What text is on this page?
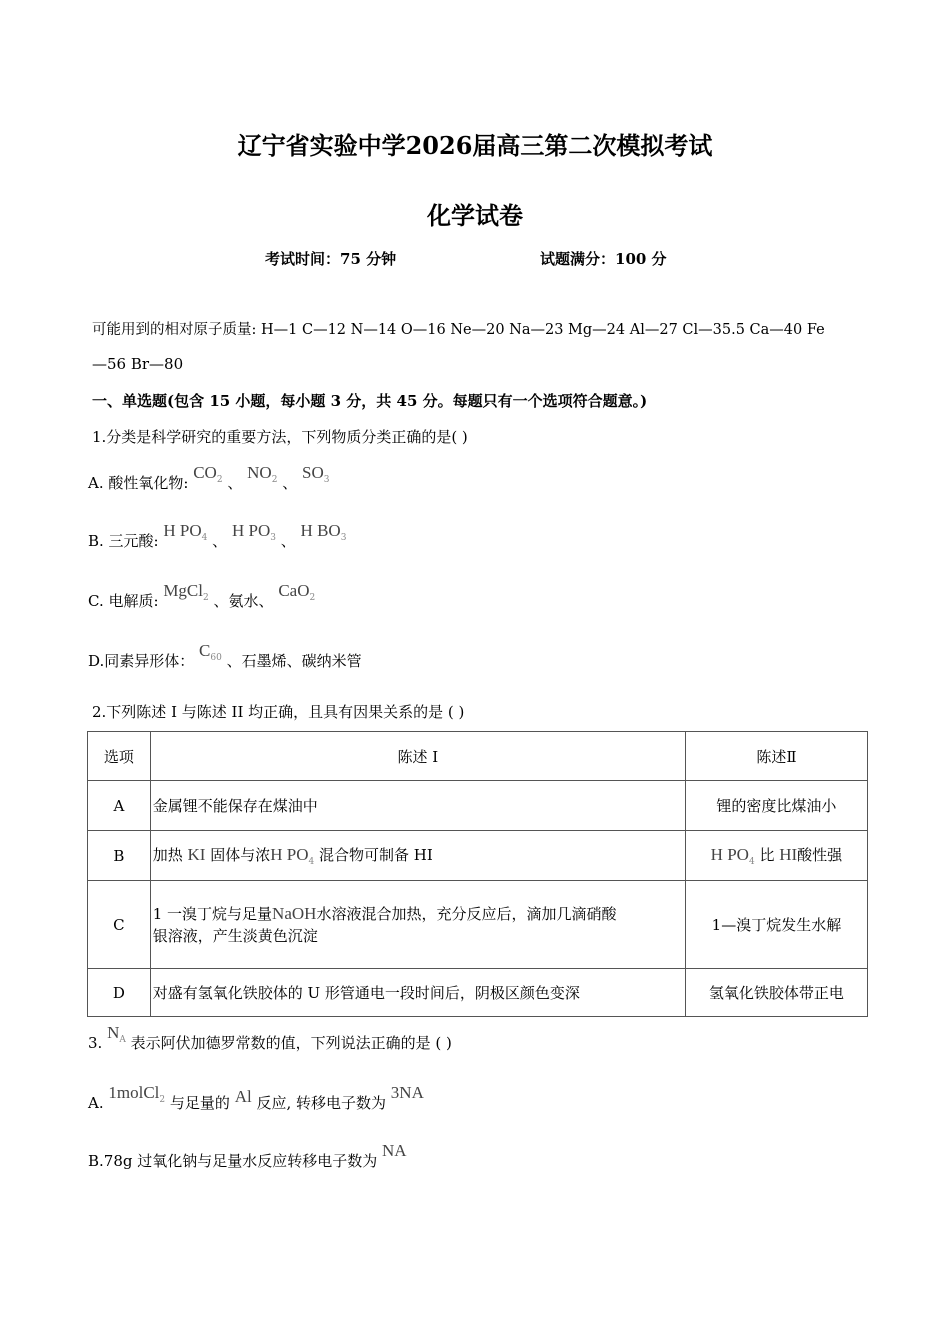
辽宁省实验中学2026届高三第二次模拟考试
化学试卷
考试时间：75 分钟	试题满分：100 分
可能用到的相对原子质量: H—1 C—12 N—14 O—16 Ne—20 Na—23 Mg—24 Al—27 Cl—35.5 Ca—40 Fe
—56 Br—80
一、单选题(包含 15 小题，每小题 3 分，共 45 分。每题只有一个选项符合题意。)
1.分类是科学研究的重要方法，下列物质分类正确的是( )
A. 酸性氧化物: $CO_2$ 、 $NO_2$ 、 $SO_3$
B. 三元酸: H $PO_4$ 、 H $PO_3$ 、 H $BO_3$
C. 电解质: MgCl$_2$ 、氨水、 CaO$_2$
D.同素异形体： $C_{60}$ 、石墨烯、碳纳米管
2.下列陈述 I 与陈述 II 均正确，且具有因果关系的是 ( )
选项	陈述 I	陈述Ⅱ
A	金属锂不能保存在煤油中	锂的密度比煤油小
B	加热 KI 固体与浓H $PO_4$ 混合物可制备 HI	H $PO_4$ 比 HI酸性强
C	1 一溴丁烷与足量NaOH水溶液混合加热，充分反应后，滴加几滴硝酸
银溶液，产生淡黄色沉淀	1—溴丁烷发生水解
D	对盛有氢氧化铁胶体的 U 形管通电一段时间后，阴极区颜色变深	氢氧化铁胶体带正电
3. $N_A$ 表示阿伏加德罗常数的值，下列说法正确的是 ( )
A. 1molCl$_2$ 与足量的 Al 反应, 转移电子数为 3NA
B.78g 过氧化钠与足量水反应转移电子数为 NA
